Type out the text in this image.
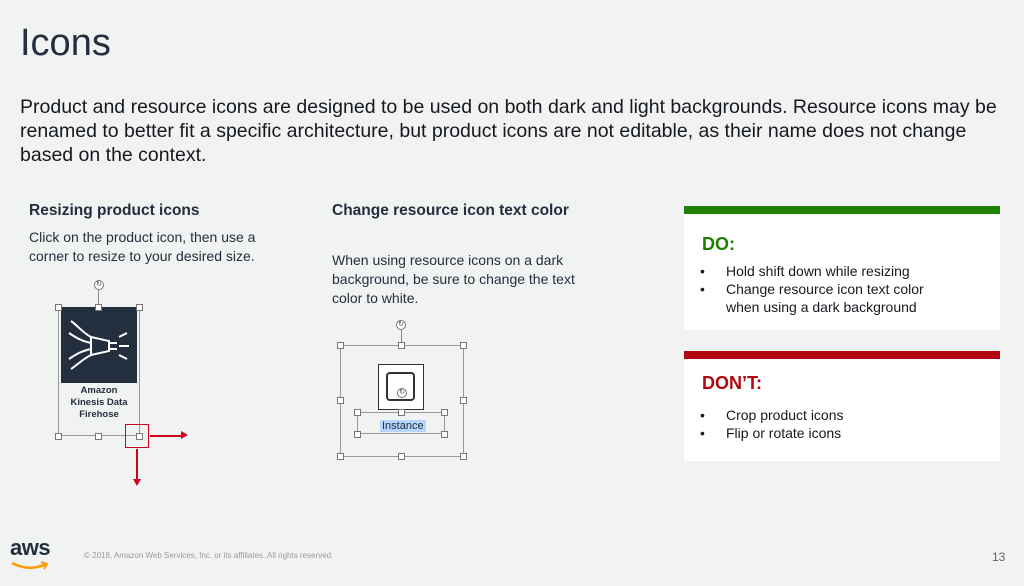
Icons
Product and resource icons are designed to be used on both dark and light backgrounds. Resource icons may be renamed to better fit a specific architecture, but product icons are not editable, as their name does not change based on the context.
Resizing product icons
Click on the product icon, then use a corner to resize to your desired size.
↻
Amazon
Kinesis Data
Firehose
Change resource icon text color
When using resource icons on a dark background, be sure to change the text color to white.
↻
↻
Instance
DO:
• Hold shift down while resizing
• Change resource icon text color when using a dark background
DON’T:
• Crop product icons
• Flip or rotate icons
aws	© 2018, Amazon Web Services, Inc. or its affiliates. All rights reserved.	13
